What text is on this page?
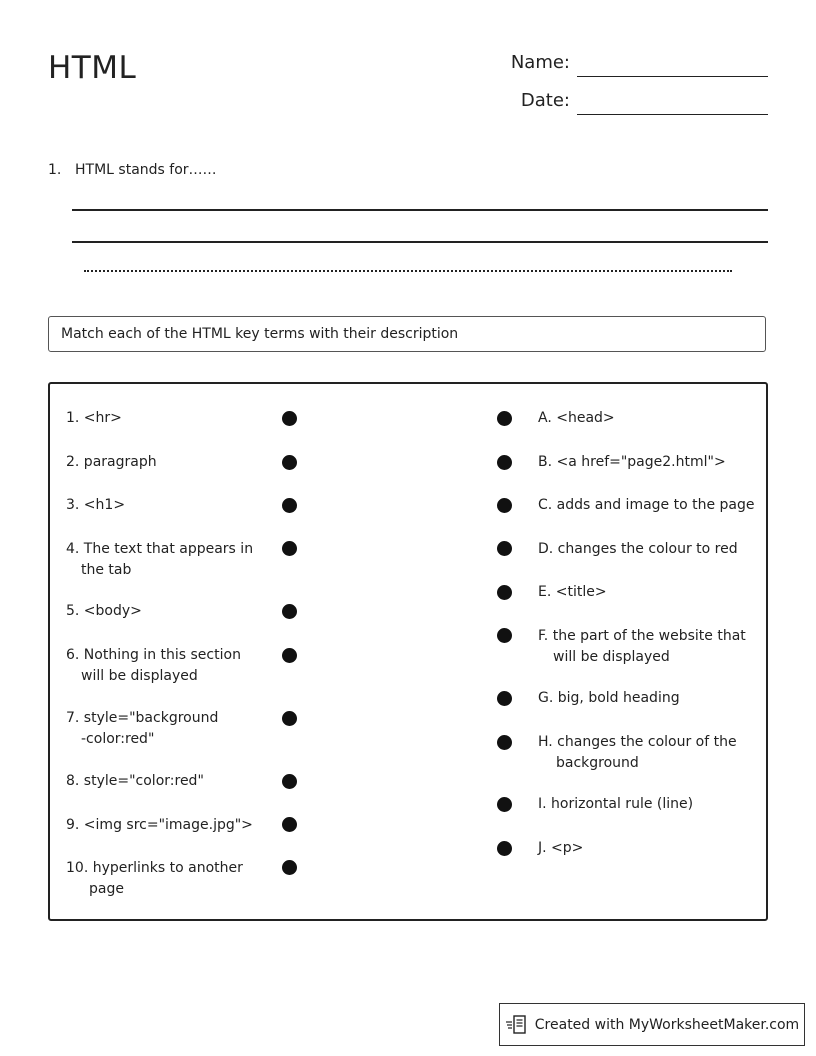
HTML	Name:
Date:
1. HTML stands for……
Match each of the HTML key terms with their description
1. <hr>
2. paragraph
3. <h1>
4. The text that appears in the tab
5. <body>
6. Nothing in this section will be displayed
7. style="background-color:red"
8. style="color:red"
9. <img src="image.jpg">
10. hyperlinks to another page
A. <head>
B. <a href="page2.html">
C. adds and image to the page
D. changes the colour to red
E. <title>
F. the part of the website that will be displayed
G. big, bold heading
H. changes the colour of the background
I. horizontal rule (line)
J. <p>
Created with MyWorksheetMaker.com
